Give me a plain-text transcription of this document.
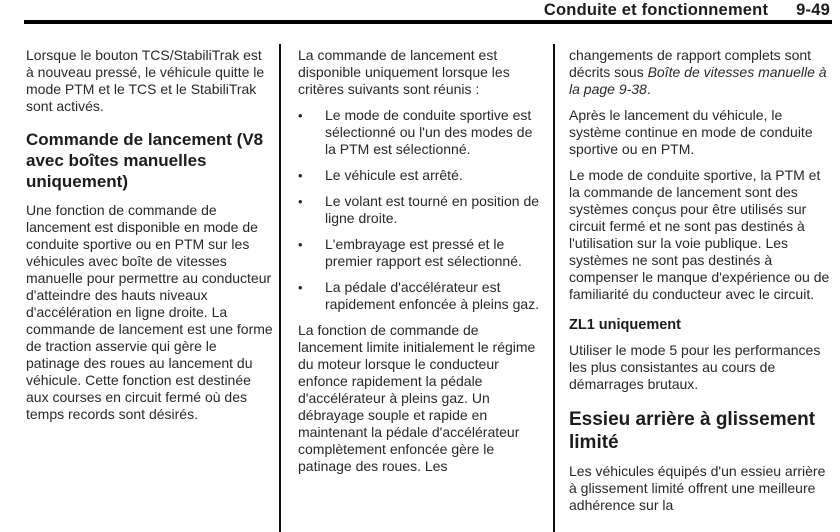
Conduite et fonctionnement 9-49

Lorsque le bouton TCS/StabiliTrak est à nouveau pressé, le véhicule quitte le mode PTM et le TCS et le StabiliTrak sont activés.

Commande de lancement (V8 avec boîtes manuelles uniquement)

Une fonction de commande de lancement est disponible en mode de conduite sportive ou en PTM sur les véhicules avec boîte de vitesses manuelle pour permettre au conducteur d'atteindre des hauts niveaux d'accélération en ligne droite. La commande de lancement est une forme de traction asservie qui gère le patinage des roues au lancement du véhicule. Cette fonction est destinée aux courses en circuit fermé où des temps records sont désirés.

La commande de lancement est disponible uniquement lorsque les critères suivants sont réunis :

•	Le mode de conduite sportive est sélectionné ou l'un des modes de la PTM est sélectionné.
•	Le véhicule est arrêté.
•	Le volant est tourné en position de ligne droite.
•	L'embrayage est pressé et le premier rapport est sélectionné.
•	La pédale d'accélérateur est rapidement enfoncée à pleins gaz.

La fonction de commande de lancement limite initialement le régime du moteur lorsque le conducteur enfonce rapidement la pédale d'accélérateur à pleins gaz. Un débrayage souple et rapide en maintenant la pédale d'accélérateur complètement enfoncée gère le patinage des roues. Les

changements de rapport complets sont décrits sous Boîte de vitesses manuelle à la page 9-38.

Après le lancement du véhicule, le système continue en mode de conduite sportive ou en PTM.

Le mode de conduite sportive, la PTM et la commande de lancement sont des systèmes conçus pour être utilisés sur circuit fermé et ne sont pas destinés à l'utilisation sur la voie publique. Les systèmes ne sont pas destinés à compenser le manque d'expérience ou de familiarité du conducteur avec le circuit.

ZL1 uniquement

Utiliser le mode 5 pour les performances les plus consistantes au cours de démarrages brutaux.

Essieu arrière à glissement limité

Les véhicules équipés d'un essieu arrière à glissement limité offrent une meilleure adhérence sur la
